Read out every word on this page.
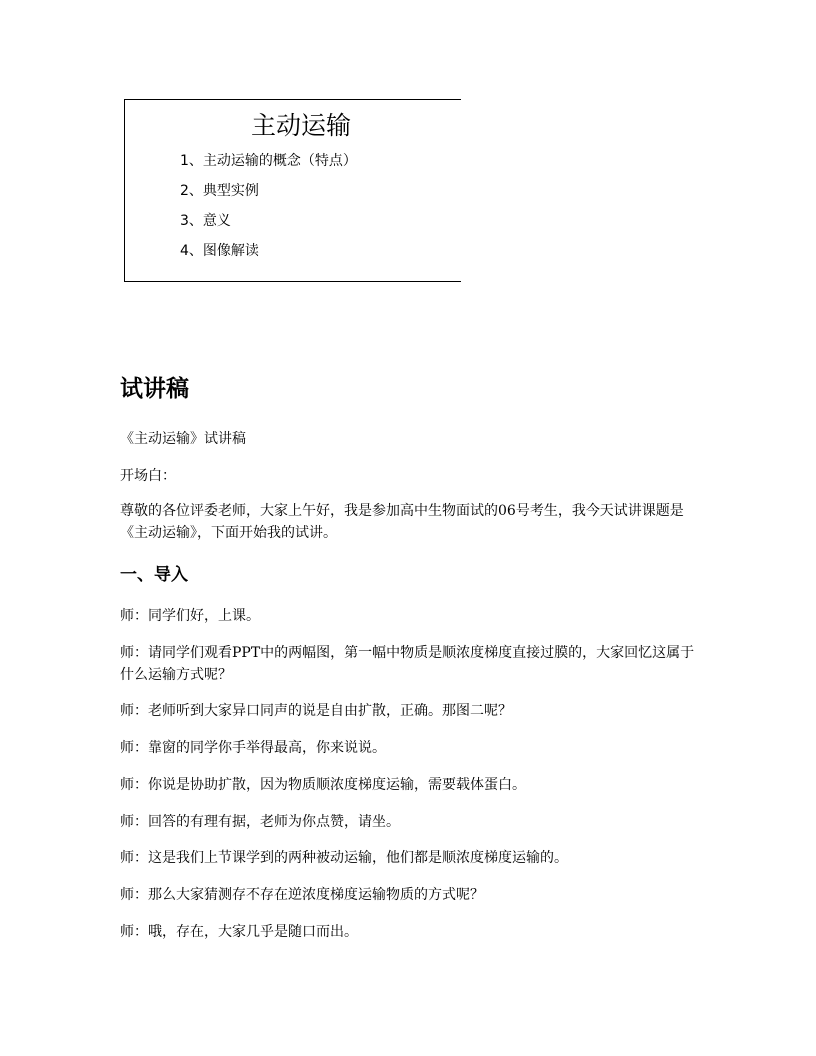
主动运输
1、主动运输的概念（特点）
2、典型实例
3、意义
4、图像解读
试讲稿
《主动运输》试讲稿
开场白：
尊敬的各位评委老师，大家上午好，我是参加高中生物面试的06号考生，我今天试讲课题是《主动运输》，下面开始我的试讲。
一、导入
师：同学们好，上课。
师：请同学们观看PPT中的两幅图，第一幅中物质是顺浓度梯度直接过膜的，大家回忆这属于什么运输方式呢？
师：老师听到大家异口同声的说是自由扩散，正确。那图二呢？
师：靠窗的同学你手举得最高，你来说说。
师：你说是协助扩散，因为物质顺浓度梯度运输，需要载体蛋白。
师：回答的有理有据，老师为你点赞，请坐。
师：这是我们上节课学到的两种被动运输，他们都是顺浓度梯度运输的。
师：那么大家猜测存不存在逆浓度梯度运输物质的方式呢？
师：哦，存在，大家几乎是随口而出。
